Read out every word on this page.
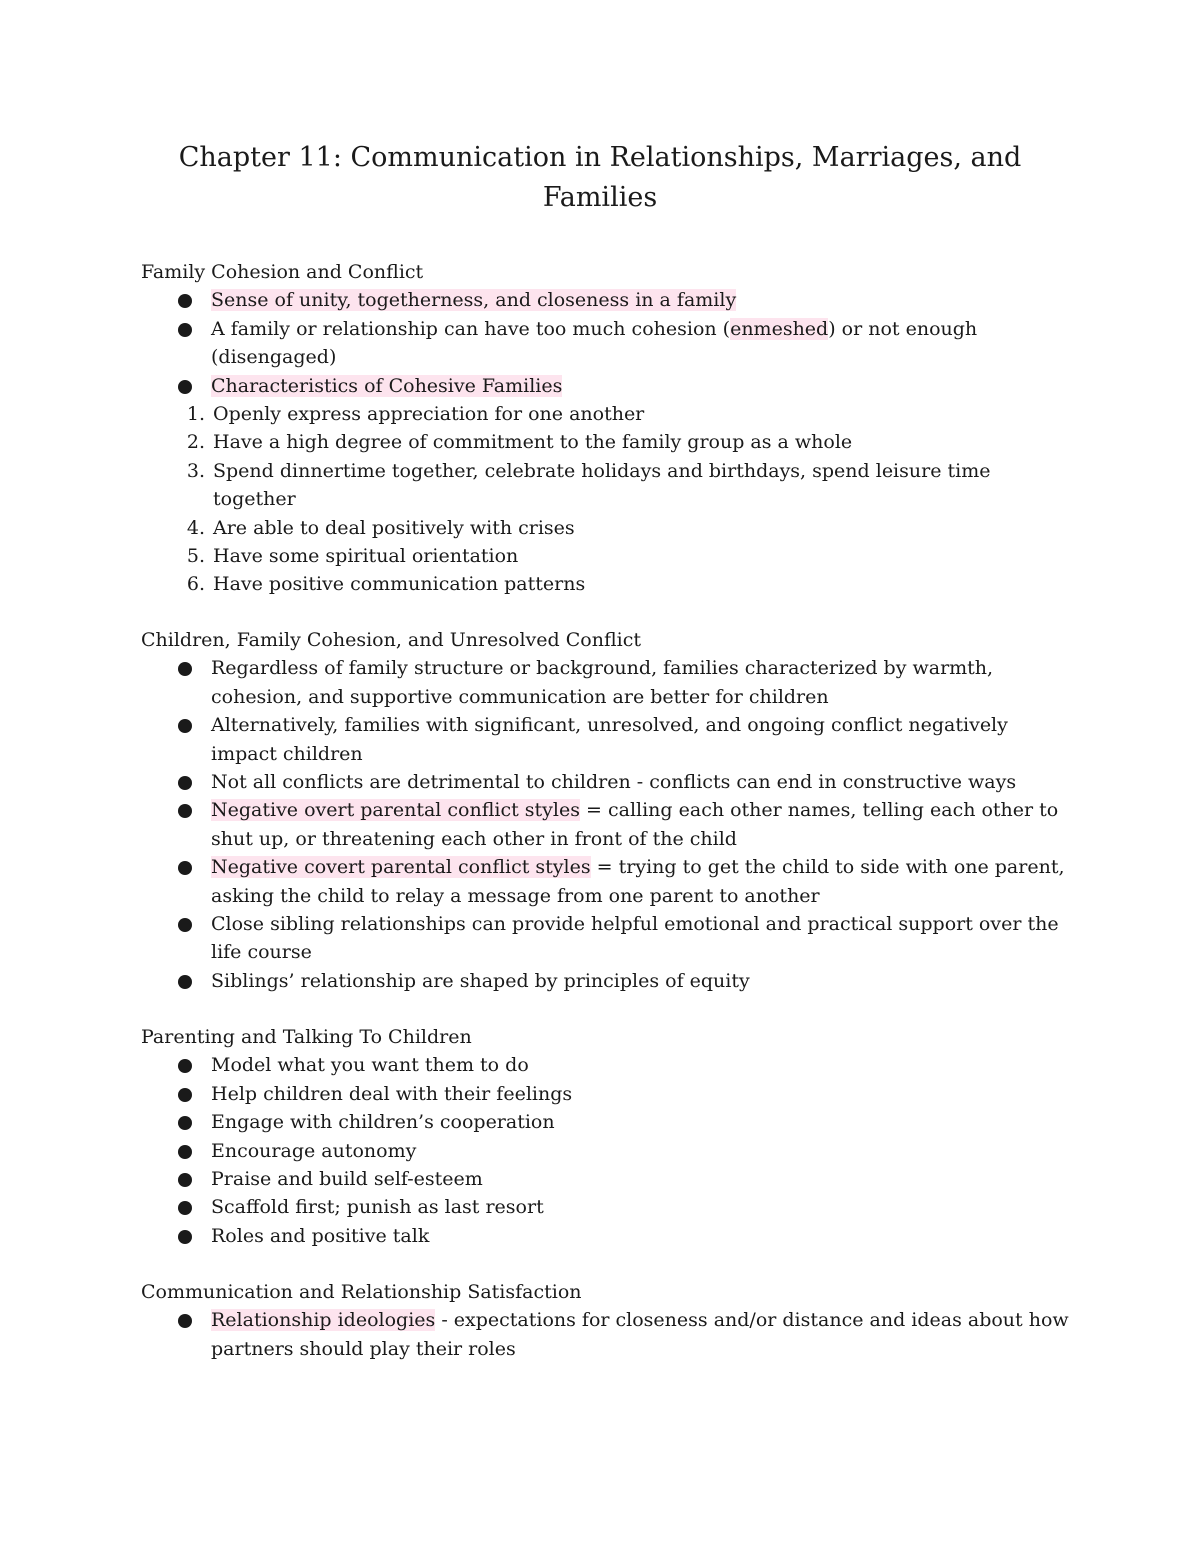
Chapter 11: Communication in Relationships, Marriages, and Families

Family Cohesion and Conflict

Sense of unity, togetherness, and closeness in a family
A family or relationship can have too much cohesion (enmeshed) or not enough (disengaged)
Characteristics of Cohesive Families
1. Openly express appreciation for one another
2. Have a high degree of commitment to the family group as a whole
3. Spend dinnertime together, celebrate holidays and birthdays, spend leisure time together
4. Are able to deal positively with crises
5. Have some spiritual orientation
6. Have positive communication patterns

Children, Family Cohesion, and Unresolved Conflict

Regardless of family structure or background, families characterized by warmth, cohesion, and supportive communication are better for children
Alternatively, families with significant, unresolved, and ongoing conflict negatively impact children
Not all conflicts are detrimental to children - conflicts can end in constructive ways
Negative overt parental conflict styles = calling each other names, telling each other to shut up, or threatening each other in front of the child
Negative covert parental conflict styles = trying to get the child to side with one parent, asking the child to relay a message from one parent to another
Close sibling relationships can provide helpful emotional and practical support over the life course
Siblings’ relationship are shaped by principles of equity

Parenting and Talking To Children

Model what you want them to do
Help children deal with their feelings
Engage with children’s cooperation
Encourage autonomy
Praise and build self-esteem
Scaffold first; punish as last resort
Roles and positive talk

Communication and Relationship Satisfaction

Relationship ideologies - expectations for closeness and/or distance and ideas about how partners should play their roles
